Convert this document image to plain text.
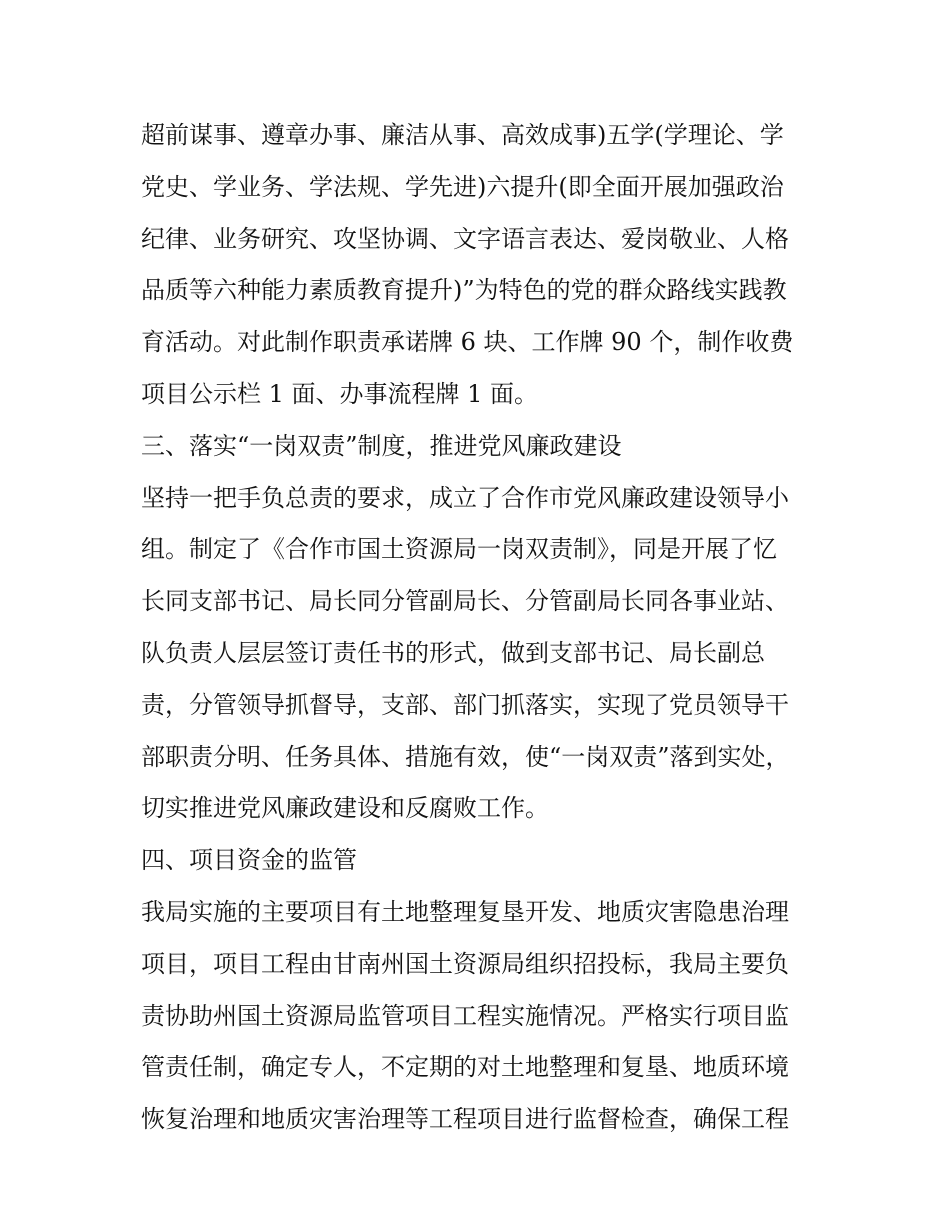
超前谋事、遵章办事、廉洁从事、高效成事)五学(学理论、学
党史、学业务、学法规、学先进)六提升(即全面开展加强政治
纪律、业务研究、攻坚协调、文字语言表达、爱岗敬业、人格
品质等六种能力素质教育提升)”为特色的党的群众路线实践教
育活动。对此制作职责承诺牌 6 块、工作牌 90 个，制作收费
项目公示栏 1 面、办事流程牌 1 面。
三、落实“一岗双责”制度，推进党风廉政建设
坚持一把手负总责的要求，成立了合作市党风廉政建设领导小
组。制定了《合作市国土资源局一岗双责制》，同是开展了忆
长同支部书记、局长同分管副局长、分管副局长同各事业站、
队负责人层层签订责任书的形式，做到支部书记、局长副总
责，分管领导抓督导，支部、部门抓落实，实现了党员领导干
部职责分明、任务具体、措施有效，使“一岗双责”落到实处，
切实推进党风廉政建设和反腐败工作。
四、项目资金的监管
我局实施的主要项目有土地整理复垦开发、地质灾害隐患治理
项目，项目工程由甘南州国土资源局组织招投标，我局主要负
责协助州国土资源局监管项目工程实施情况。严格实行项目监
管责任制，确定专人，不定期的对土地整理和复垦、地质环境
恢复治理和地质灾害治理等工程项目进行监督检查，确保工程
